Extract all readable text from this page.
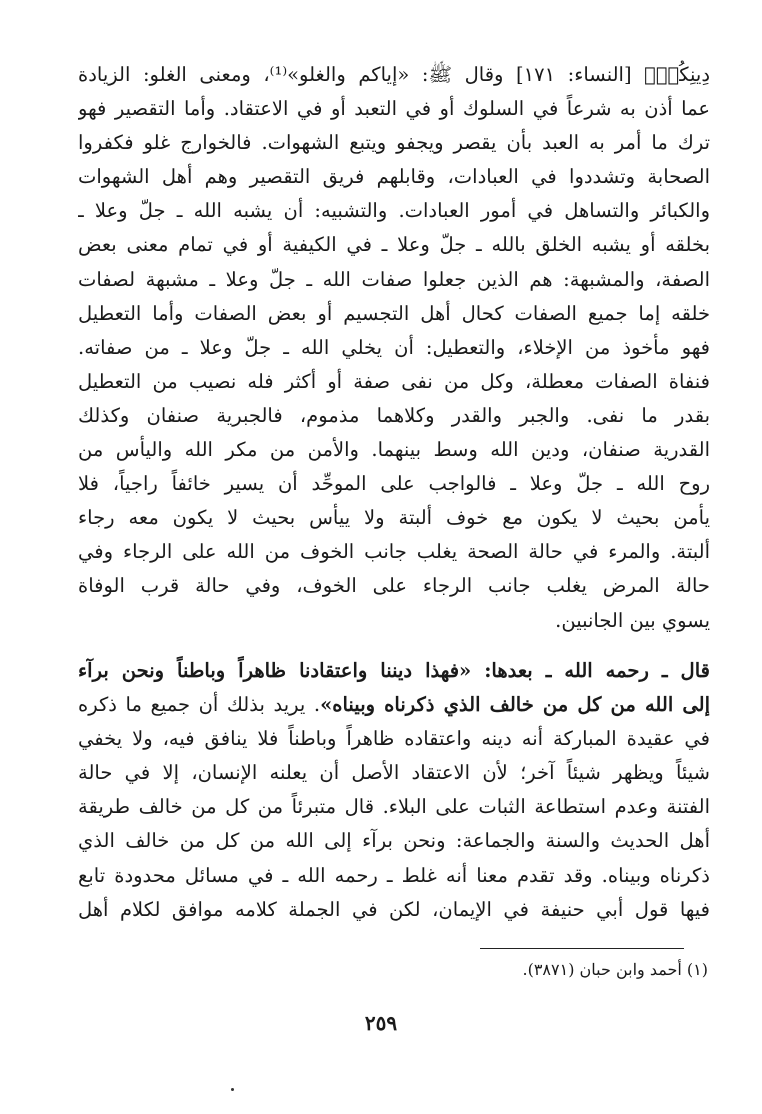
دِينِكُمۡ﴾ [النساء: ١٧١] وقال ﷺ: «إياكم والغلو»⁽¹⁾، ومعنى الغلو: الزيادة
عما أذن به شرعاً في السلوك أو في التعبد أو في الاعتقاد. وأما التقصير فهو
ترك ما أمر به العبد بأن يقصر ويجفو ويتبع الشهوات. فالخوارج غلو فكفروا
الصحابة وتشددوا في العبادات، وقابلهم فريق التقصير وهم أهل الشهوات
والكبائر والتساهل في أمور العبادات. والتشبيه: أن يشبه الله ـ جلّ وعلا ـ
بخلقه أو يشبه الخلق بالله ـ جلّ وعلا ـ في الكيفية أو في تمام معنى بعض
الصفة، والمشبهة: هم الذين جعلوا صفات الله ـ جلّ وعلا ـ مشبهة لصفات
خلقه إما جميع الصفات كحال أهل التجسيم أو بعض الصفات وأما التعطيل
فهو مأخوذ من الإخلاء، والتعطيل: أن يخلي الله ـ جلّ وعلا ـ من صفاته.
فنفاة الصفات معطلة، وكل من نفى صفة أو أكثر فله نصيب من التعطيل
بقدر ما نفى. والجبر والقدر وكلاهما مذموم، فالجبرية صنفان وكذلك
القدرية صنفان، ودين الله وسط بينهما. والأمن من مكر الله واليأس من
روح الله ـ جلّ وعلا ـ فالواجب على الموحِّد أن يسير خائفاً راجياً، فلا
يأمن بحيث لا يكون مع خوف ألبتة ولا ييأس بحيث لا يكون معه رجاء
ألبتة. والمرء في حالة الصحة يغلب جانب الخوف من الله على الرجاء وفي
حالة المرض يغلب جانب الرجاء على الخوف، وفي حالة قرب الوفاة
يسوي بين الجانبين.
قال ـ رحمه الله ـ بعدها: «فهذا ديننا واعتقادنا ظاهراً وباطناً ونحن برآء
إلى الله من كل من خالف الذي ذكرناه وبيناه». يريد بذلك أن جميع ما ذكره
في عقيدة المباركة أنه دينه واعتقاده ظاهراً وباطناً فلا ينافق فيه، ولا يخفي
شيئاً ويظهر شيئاً آخر؛ لأن الاعتقاد الأصل أن يعلنه الإنسان، إلا في حالة
الفتنة وعدم استطاعة الثبات على البلاء. قال متبرئاً من كل من خالف طريقة
أهل الحديث والسنة والجماعة: ونحن برآء إلى الله من كل من خالف الذي
ذكرناه وبيناه. وقد تقدم معنا أنه غلط ـ رحمه الله ـ في مسائل محدودة تابع
فيها قول أبي حنيفة في الإيمان، لكن في الجملة كلامه موافق لكلام أهل
(١) أحمد وابن حبان (٣٨٧١).
٢٥٩
